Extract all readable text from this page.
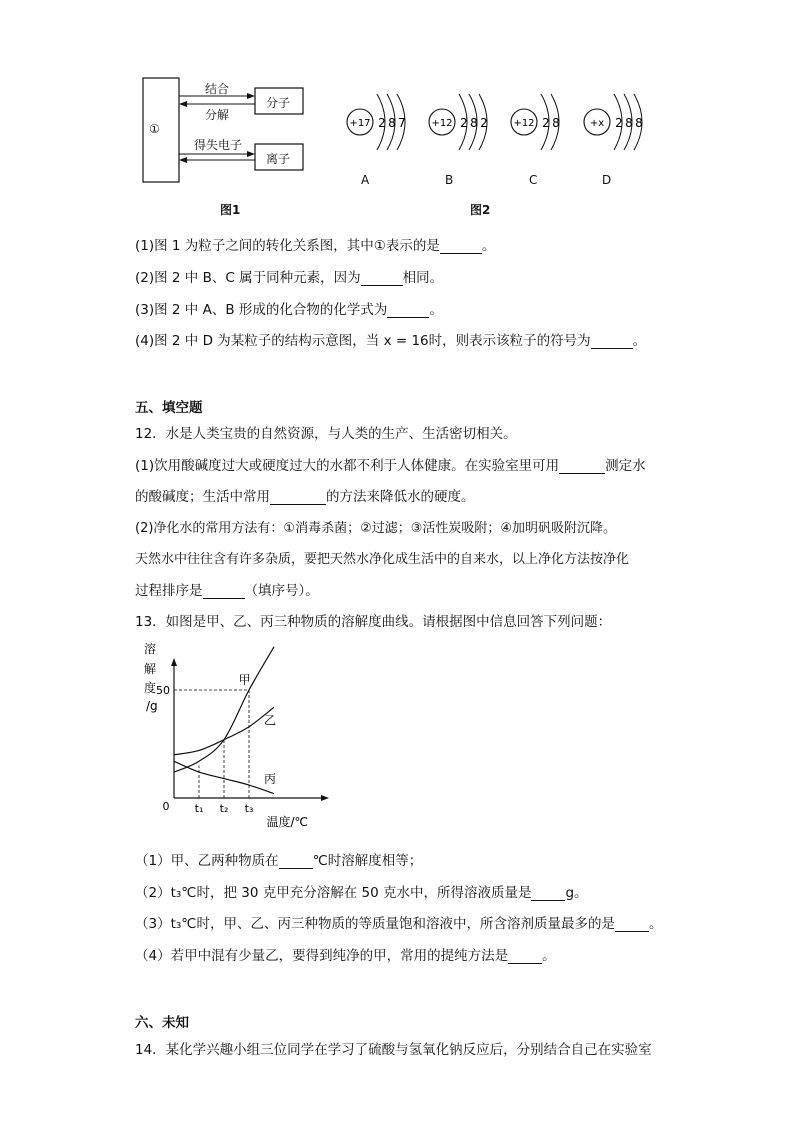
①
结合
分解
得失电子
分子
离子
图1
+17 2 8 7	+12 2 8 2	+12 2 8	+x 2 8 8
A	B	C	D
图2
(1)图 1 为粒子之间的转化关系图，其中①表示的是	。
(2)图 2 中 B、C 属于同种元素，因为	相同。
(3)图 2 中 A、B 形成的化合物的化学式为	。
(4)图 2 中 D 为某粒子的结构示意图，当 x = 16时，则表示该粒子的符号为	。
五、填空题
12．水是人类宝贵的自然资源，与人类的生产、生活密切相关。
(1)饮用酸碱度过大或硬度过大的水都不利于人体健康。在实验室里可用	测定水
的酸碱度；生活中常用	的方法来降低水的硬度。
(2)净化水的常用方法有：①消毒杀菌；②过滤；③活性炭吸附；④加明矾吸附沉降。
天然水中往往含有许多杂质，要把天然水净化成生活中的自来水，以上净化方法按净化
过程排序是	（填序号）。
13．如图是甲、乙、丙三种物质的溶解度曲线。请根据图中信息回答下列问题：
溶
解
度
/g
0
50
温度/℃
甲
乙
丙
t₁ t₂ t₃
（1）甲、乙两种物质在	℃时溶解度相等；
（2）t₃℃时，把 30 克甲充分溶解在 50 克水中，所得溶液质量是	g。
（3）t₃℃时，甲、乙、丙三种物质的等质量饱和溶液中，所含溶剂质量最多的是	。
（4）若甲中混有少量乙，要得到纯净的甲，常用的提纯方法是	。
六、未知
14．某化学兴趣小组三位同学在学习了硫酸与氢氧化钠反应后，分别结合自己在实验室
